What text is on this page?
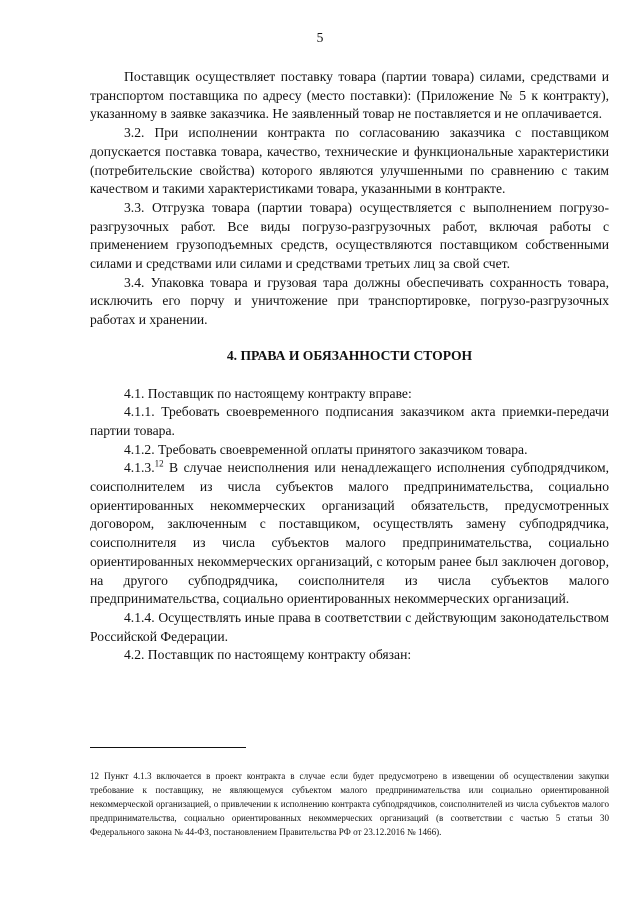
5

Поставщик осуществляет поставку товара (партии товара) силами, средствами и транспортом поставщика по адресу (место поставки): (Приложение № 5 к контракту), указанному в заявке заказчика. Не заявленный товар не поставляется и не оплачивается.

3.2. При исполнении контракта по согласованию заказчика с поставщиком допускается поставка товара, качество, технические и функциональные характеристики (потребительские свойства) которого являются улучшенными по сравнению с таким качеством и такими характеристиками товара, указанными в контракте.

3.3. Отгрузка товара (партии товара) осуществляется с выполнением погрузо-разгрузочных работ. Все виды погрузо-разгрузочных работ, включая работы с применением грузоподъемных средств, осуществляются поставщиком собственными силами и средствами или силами и средствами третьих лиц за свой счет.

3.4. Упаковка товара и грузовая тара должны обеспечивать сохранность товара, исключить его порчу и уничтожение при транспортировке, погрузо-разгрузочных работах и хранении.

4. ПРАВА И ОБЯЗАННОСТИ СТОРОН

4.1. Поставщик по настоящему контракту вправе:

4.1.1. Требовать своевременного подписания заказчиком акта приемки-передачи партии товара.

4.1.2. Требовать своевременной оплаты принятого заказчиком товара.

4.1.3.12 В случае неисполнения или ненадлежащего исполнения субподрядчиком, соисполнителем из числа субъектов малого предпринимательства, социально ориентированных некоммерческих организаций обязательств, предусмотренных договором, заключенным с поставщиком, осуществлять замену субподрядчика, соисполнителя из числа субъектов малого предпринимательства, социально ориентированных некоммерческих организаций, с которым ранее был заключен договор, на другого субподрядчика, соисполнителя из числа субъектов малого предпринимательства, социально ориентированных некоммерческих организаций.

4.1.4. Осуществлять иные права в соответствии с действующим законодательством Российской Федерации.

4.2. Поставщик по настоящему контракту обязан:

12 Пункт 4.1.3 включается в проект контракта в случае если будет предусмотрено в извещении об осуществлении закупки требование к поставщику, не являющемуся субъектом малого предпринимательства или социально ориентированной некоммерческой организацией, о привлечении к исполнению контракта субподрядчиков, соисполнителей из числа субъектов малого предпринимательства, социально ориентированных некоммерческих организаций (в соответствии с частью 5 статьи 30 Федерального закона № 44-ФЗ, постановлением Правительства РФ от 23.12.2016 № 1466).
